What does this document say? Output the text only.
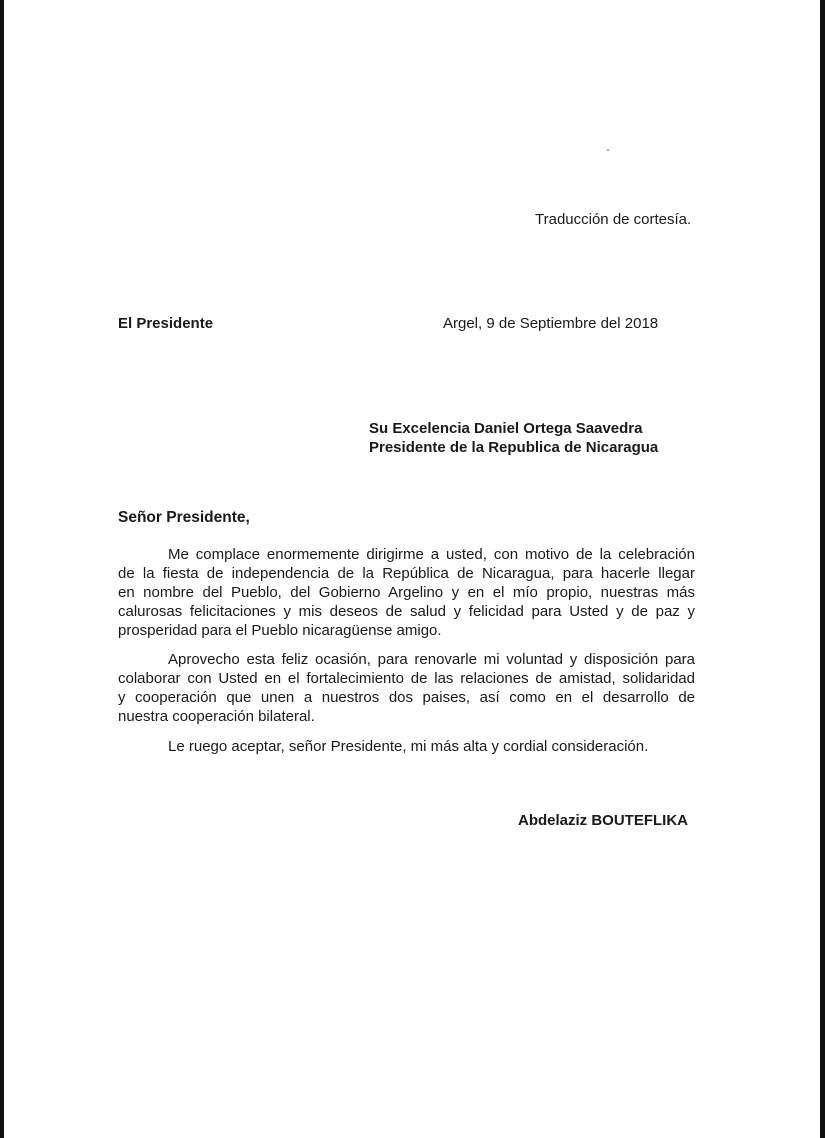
Traducción de cortesía.
El Presidente	Argel, 9 de Septiembre del 2018
Su Excelencia Daniel Ortega Saavedra
Presidente de la Republica de Nicaragua
Señor Presidente,
Me complace enormemente dirigirme a usted, con motivo de la celebración
de la fiesta de independencia de la República de Nicaragua, para hacerle llegar
en nombre del Pueblo, del Gobierno Argelino y en el mío propio, nuestras más
calurosas felicitaciones y mis deseos de salud y felicidad para Usted y de paz y
prosperidad para el Pueblo nicaragüense amigo.
Aprovecho esta feliz ocasión, para renovarle mi voluntad y disposición para
colaborar con Usted en el fortalecimiento de las relaciones de amistad, solidaridad
y cooperación que unen a nuestros dos paises, así como en el desarrollo de
nuestra cooperación bilateral.
Le ruego aceptar, señor Presidente, mi más alta y cordial consideración.
Abdelaziz BOUTEFLIKA
